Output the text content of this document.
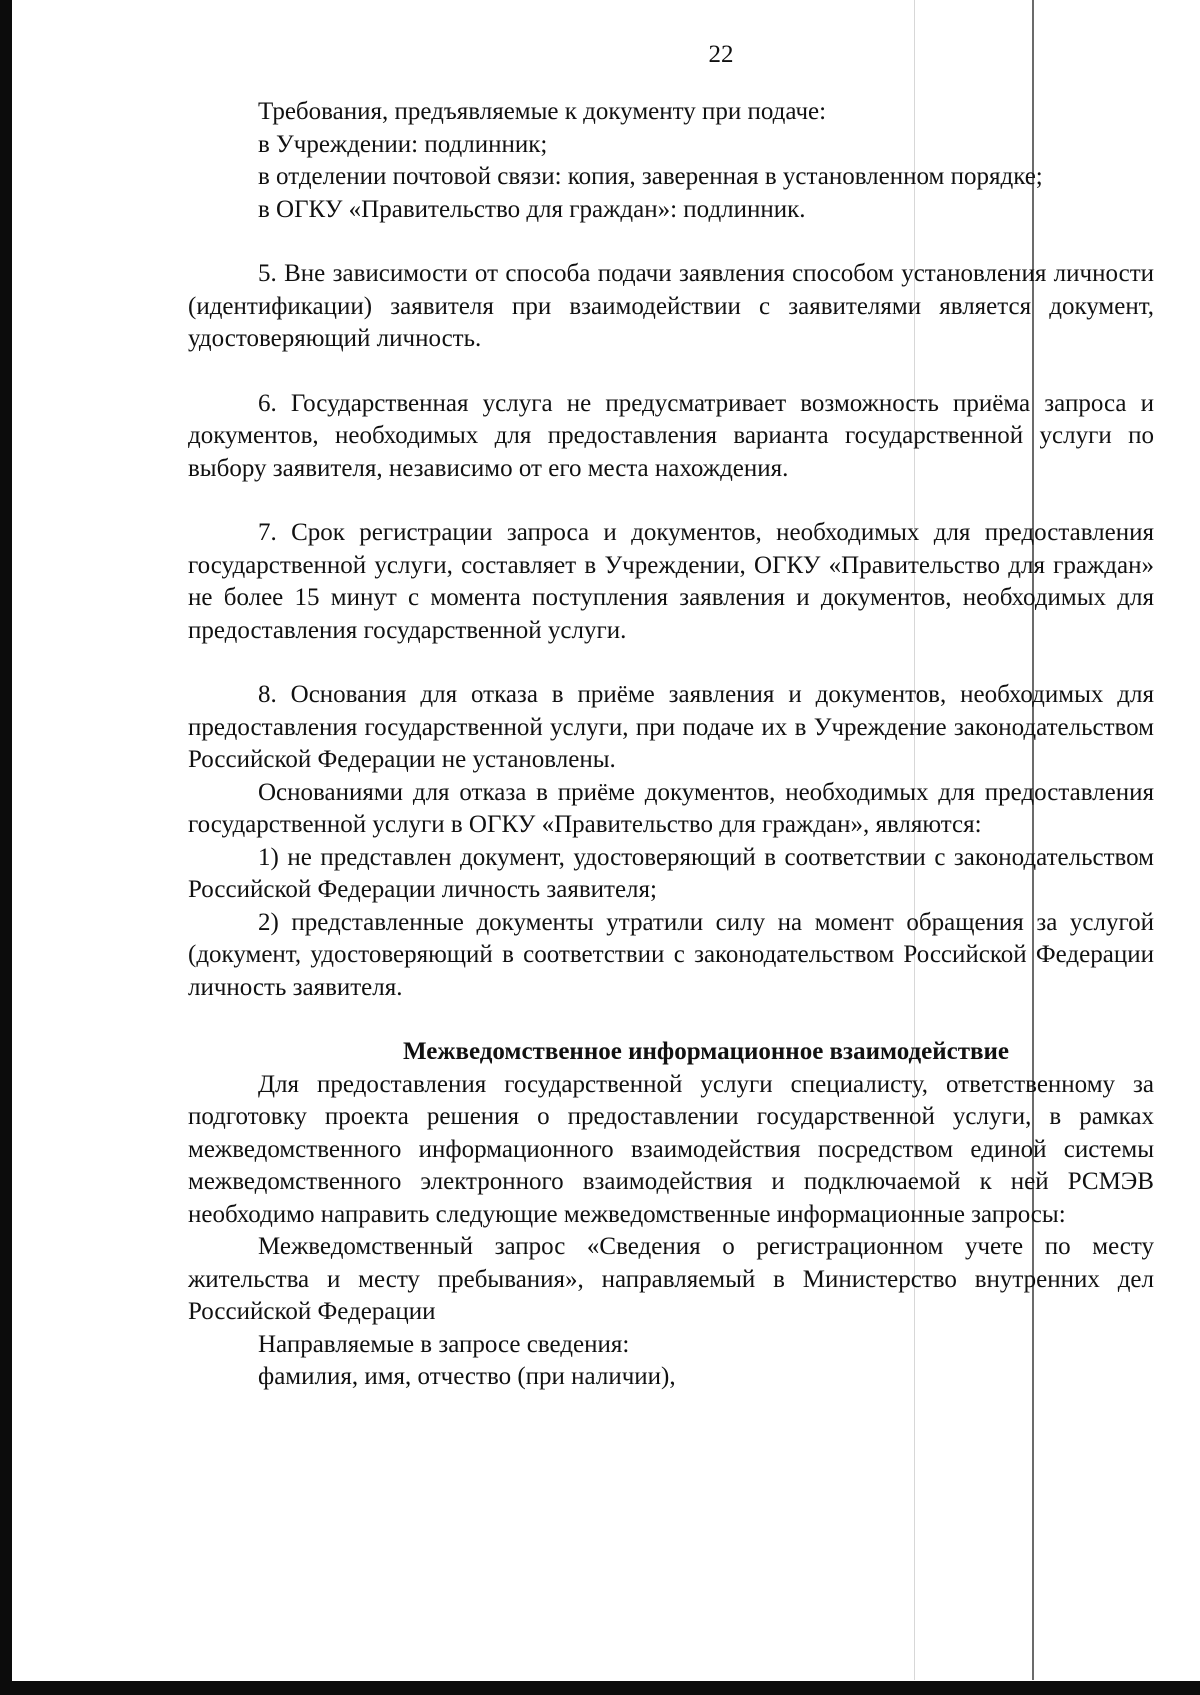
22

Требования, предъявляемые к документу при подаче:

в Учреждении: подлинник;

в отделении почтовой связи: копия, заверенная в установленном порядке;

в ОГКУ «Правительство для граждан»: подлинник.

5. Вне зависимости от способа подачи заявления способом установления личности (идентификации) заявителя при взаимодействии с заявителями является документ, удостоверяющий личность.

6. Государственная услуга не предусматривает возможность приёма запроса и документов, необходимых для предоставления варианта государственной услуги по выбору заявителя, независимо от его места нахождения.

7. Срок регистрации запроса и документов, необходимых для предоставления государственной услуги, составляет в Учреждении, ОГКУ «Правительство для граждан» не более 15 минут с момента поступления заявления и документов, необходимых для предоставления государственной услуги.

8. Основания для отказа в приёме заявления и документов, необходимых для предоставления государственной услуги, при подаче их в Учреждение законодательством Российской Федерации не установлены.

Основаниями для отказа в приёме документов, необходимых для предоставления государственной услуги в ОГКУ «Правительство для граждан», являются:

1) не представлен документ, удостоверяющий в соответствии с законодательством Российской Федерации личность заявителя;

2) представленные документы утратили силу на момент обращения за услугой (документ, удостоверяющий в соответствии с законодательством Российской Федерации личность заявителя.

Межведомственное информационное взаимодействие

Для предоставления государственной услуги специалисту, ответственному за подготовку проекта решения о предоставлении государственной услуги, в рамках межведомственного информационного взаимодействия посредством единой системы межведомственного электронного взаимодействия и подключаемой к ней РСМЭВ необходимо направить следующие межведомственные информационные запросы:

Межведомственный запрос «Сведения о регистрационном учете по месту жительства и месту пребывания», направляемый в Министерство внутренних дел Российской Федерации

Направляемые в запросе сведения:

фамилия, имя, отчество (при наличии),
